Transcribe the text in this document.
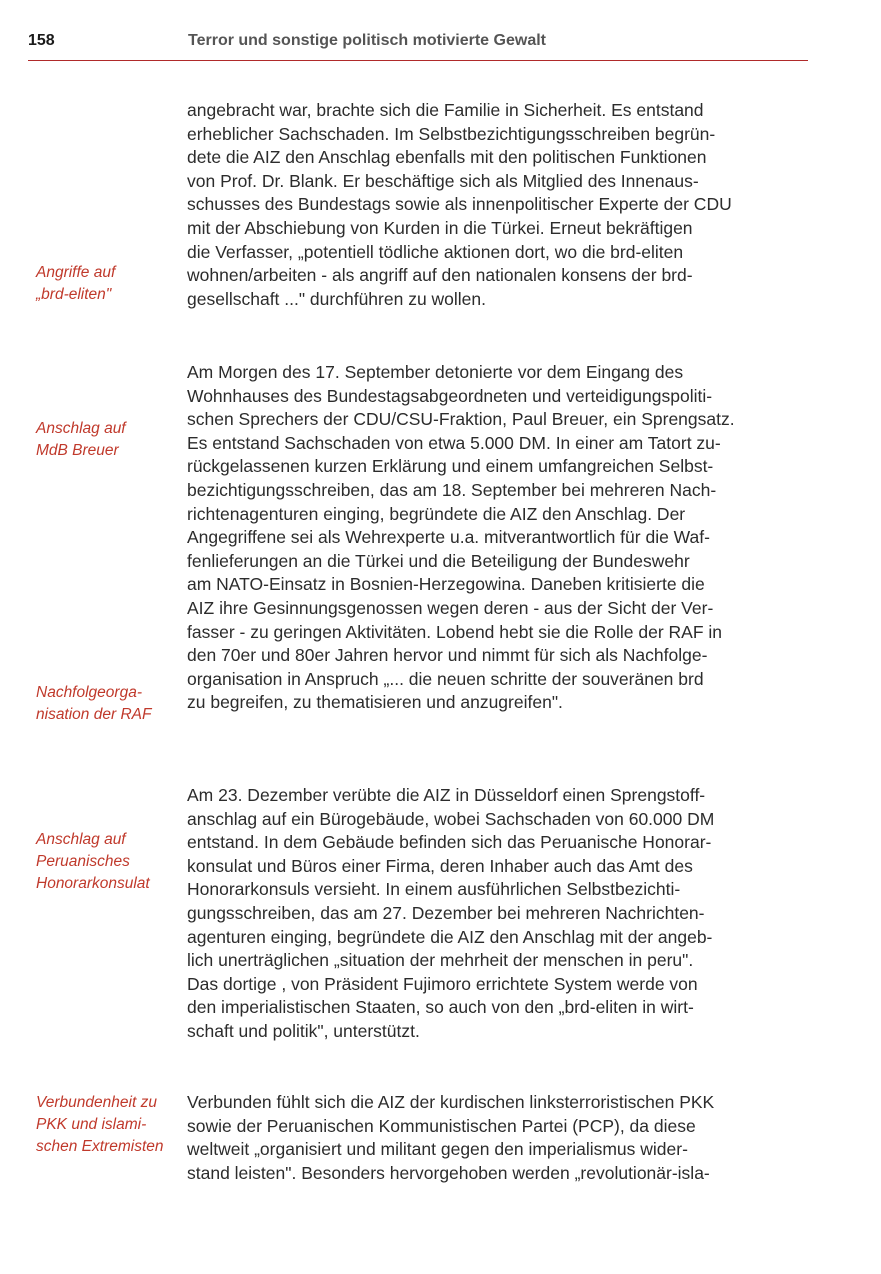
158	Terror und sonstige politisch motivierte Gewalt
Angriffe auf
„brd-eliten"
Anschlag auf
MdB Breuer
Nachfolgeorga-
nisation der RAF
Anschlag auf
Peruanisches
Honorarkonsulat
Verbundenheit zu
PKK und islami-
schen Extremisten
angebracht war, brachte sich die Familie in Sicherheit. Es entstand
erheblicher Sachschaden. Im Selbstbezichtigungsschreiben begrün-
dete die AIZ den Anschlag ebenfalls mit den politischen Funktionen
von Prof. Dr. Blank. Er beschäftige sich als Mitglied des Innenaus-
schusses des Bundestags sowie als innenpolitischer Experte der CDU
mit der Abschiebung von Kurden in die Türkei. Erneut bekräftigen
die Verfasser, „potentiell tödliche aktionen dort, wo die brd-eliten
wohnen/arbeiten - als angriff auf den nationalen konsens der brd-
gesellschaft ..." durchführen zu wollen.
Am Morgen des 17. September detonierte vor dem Eingang des
Wohnhauses des Bundestagsabgeordneten und verteidigungspoliti-
schen Sprechers der CDU/CSU-Fraktion, Paul Breuer, ein Sprengsatz.
Es entstand Sachschaden von etwa 5.000 DM. In einer am Tatort zu-
rückgelassenen kurzen Erklärung und einem umfangreichen Selbst-
bezichtigungsschreiben, das am 18. September bei mehreren Nach-
richtenagenturen einging, begründete die AIZ den Anschlag. Der
Angegriffene sei als Wehrexperte u.a. mitverantwortlich für die Waf-
fenlieferungen an die Türkei und die Beteiligung der Bundeswehr
am NATO-Einsatz in Bosnien-Herzegowina. Daneben kritisierte die
AIZ ihre Gesinnungsgenossen wegen deren - aus der Sicht der Ver-
fasser - zu geringen Aktivitäten. Lobend hebt sie die Rolle der RAF in
den 70er und 80er Jahren hervor und nimmt für sich als Nachfolge-
organisation in Anspruch „... die neuen schritte der souveränen brd
zu begreifen, zu thematisieren und anzugreifen".
Am 23. Dezember verübte die AIZ in Düsseldorf einen Sprengstoff-
anschlag auf ein Bürogebäude, wobei Sachschaden von 60.000 DM
entstand. In dem Gebäude befinden sich das Peruanische Honorar-
konsulat und Büros einer Firma, deren Inhaber auch das Amt des
Honorarkonsuls versieht. In einem ausführlichen Selbstbezichti-
gungsschreiben, das am 27. Dezember bei mehreren Nachrichten-
agenturen einging, begründete die AIZ den Anschlag mit der angeb-
lich unerträglichen „situation der mehrheit der menschen in peru".
Das dortige , von Präsident Fujimoro errichtete System werde von
den imperialistischen Staaten, so auch von den „brd-eliten in wirt-
schaft und politik", unterstützt.
Verbunden fühlt sich die AIZ der kurdischen linksterroristischen PKK
sowie der Peruanischen Kommunistischen Partei (PCP), da diese
weltweit „organisiert und militant gegen den imperialismus wider-
stand leisten". Besonders hervorgehoben werden „revolutionär-isla-
